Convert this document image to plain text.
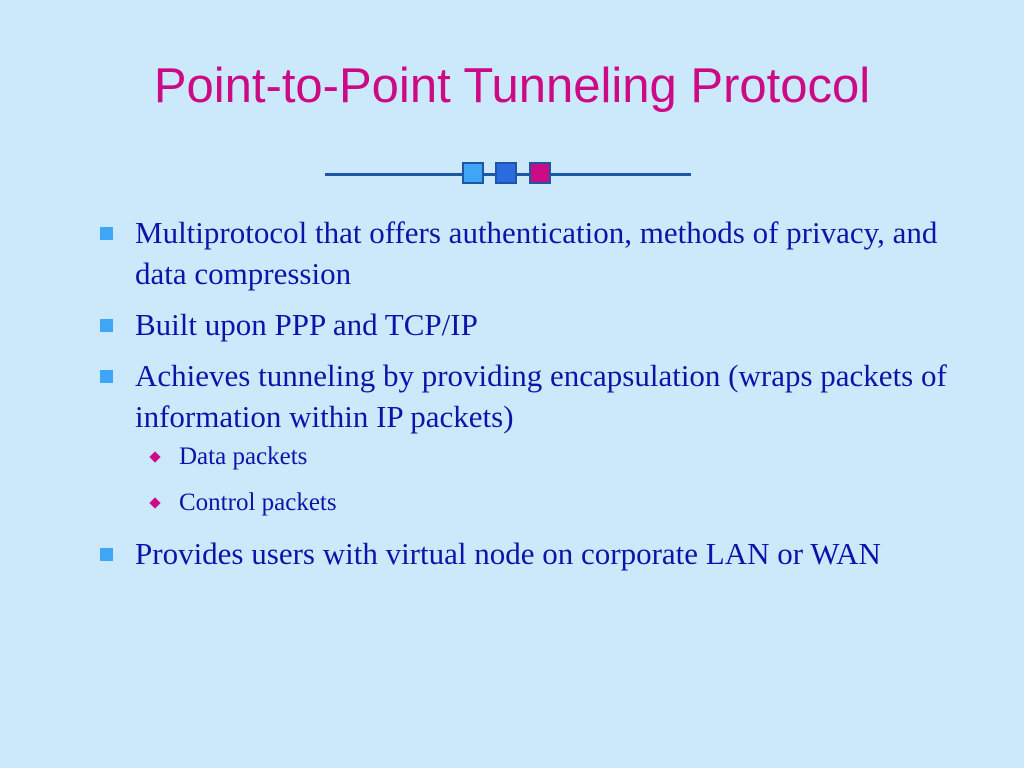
Point-to-Point Tunneling Protocol
Multiprotocol that offers authentication, methods of privacy, and data compression
Built upon PPP and TCP/IP
Achieves tunneling by providing encapsulation (wraps packets of information within IP packets)
Data packets
Control packets
Provides users with virtual node on corporate LAN or WAN
